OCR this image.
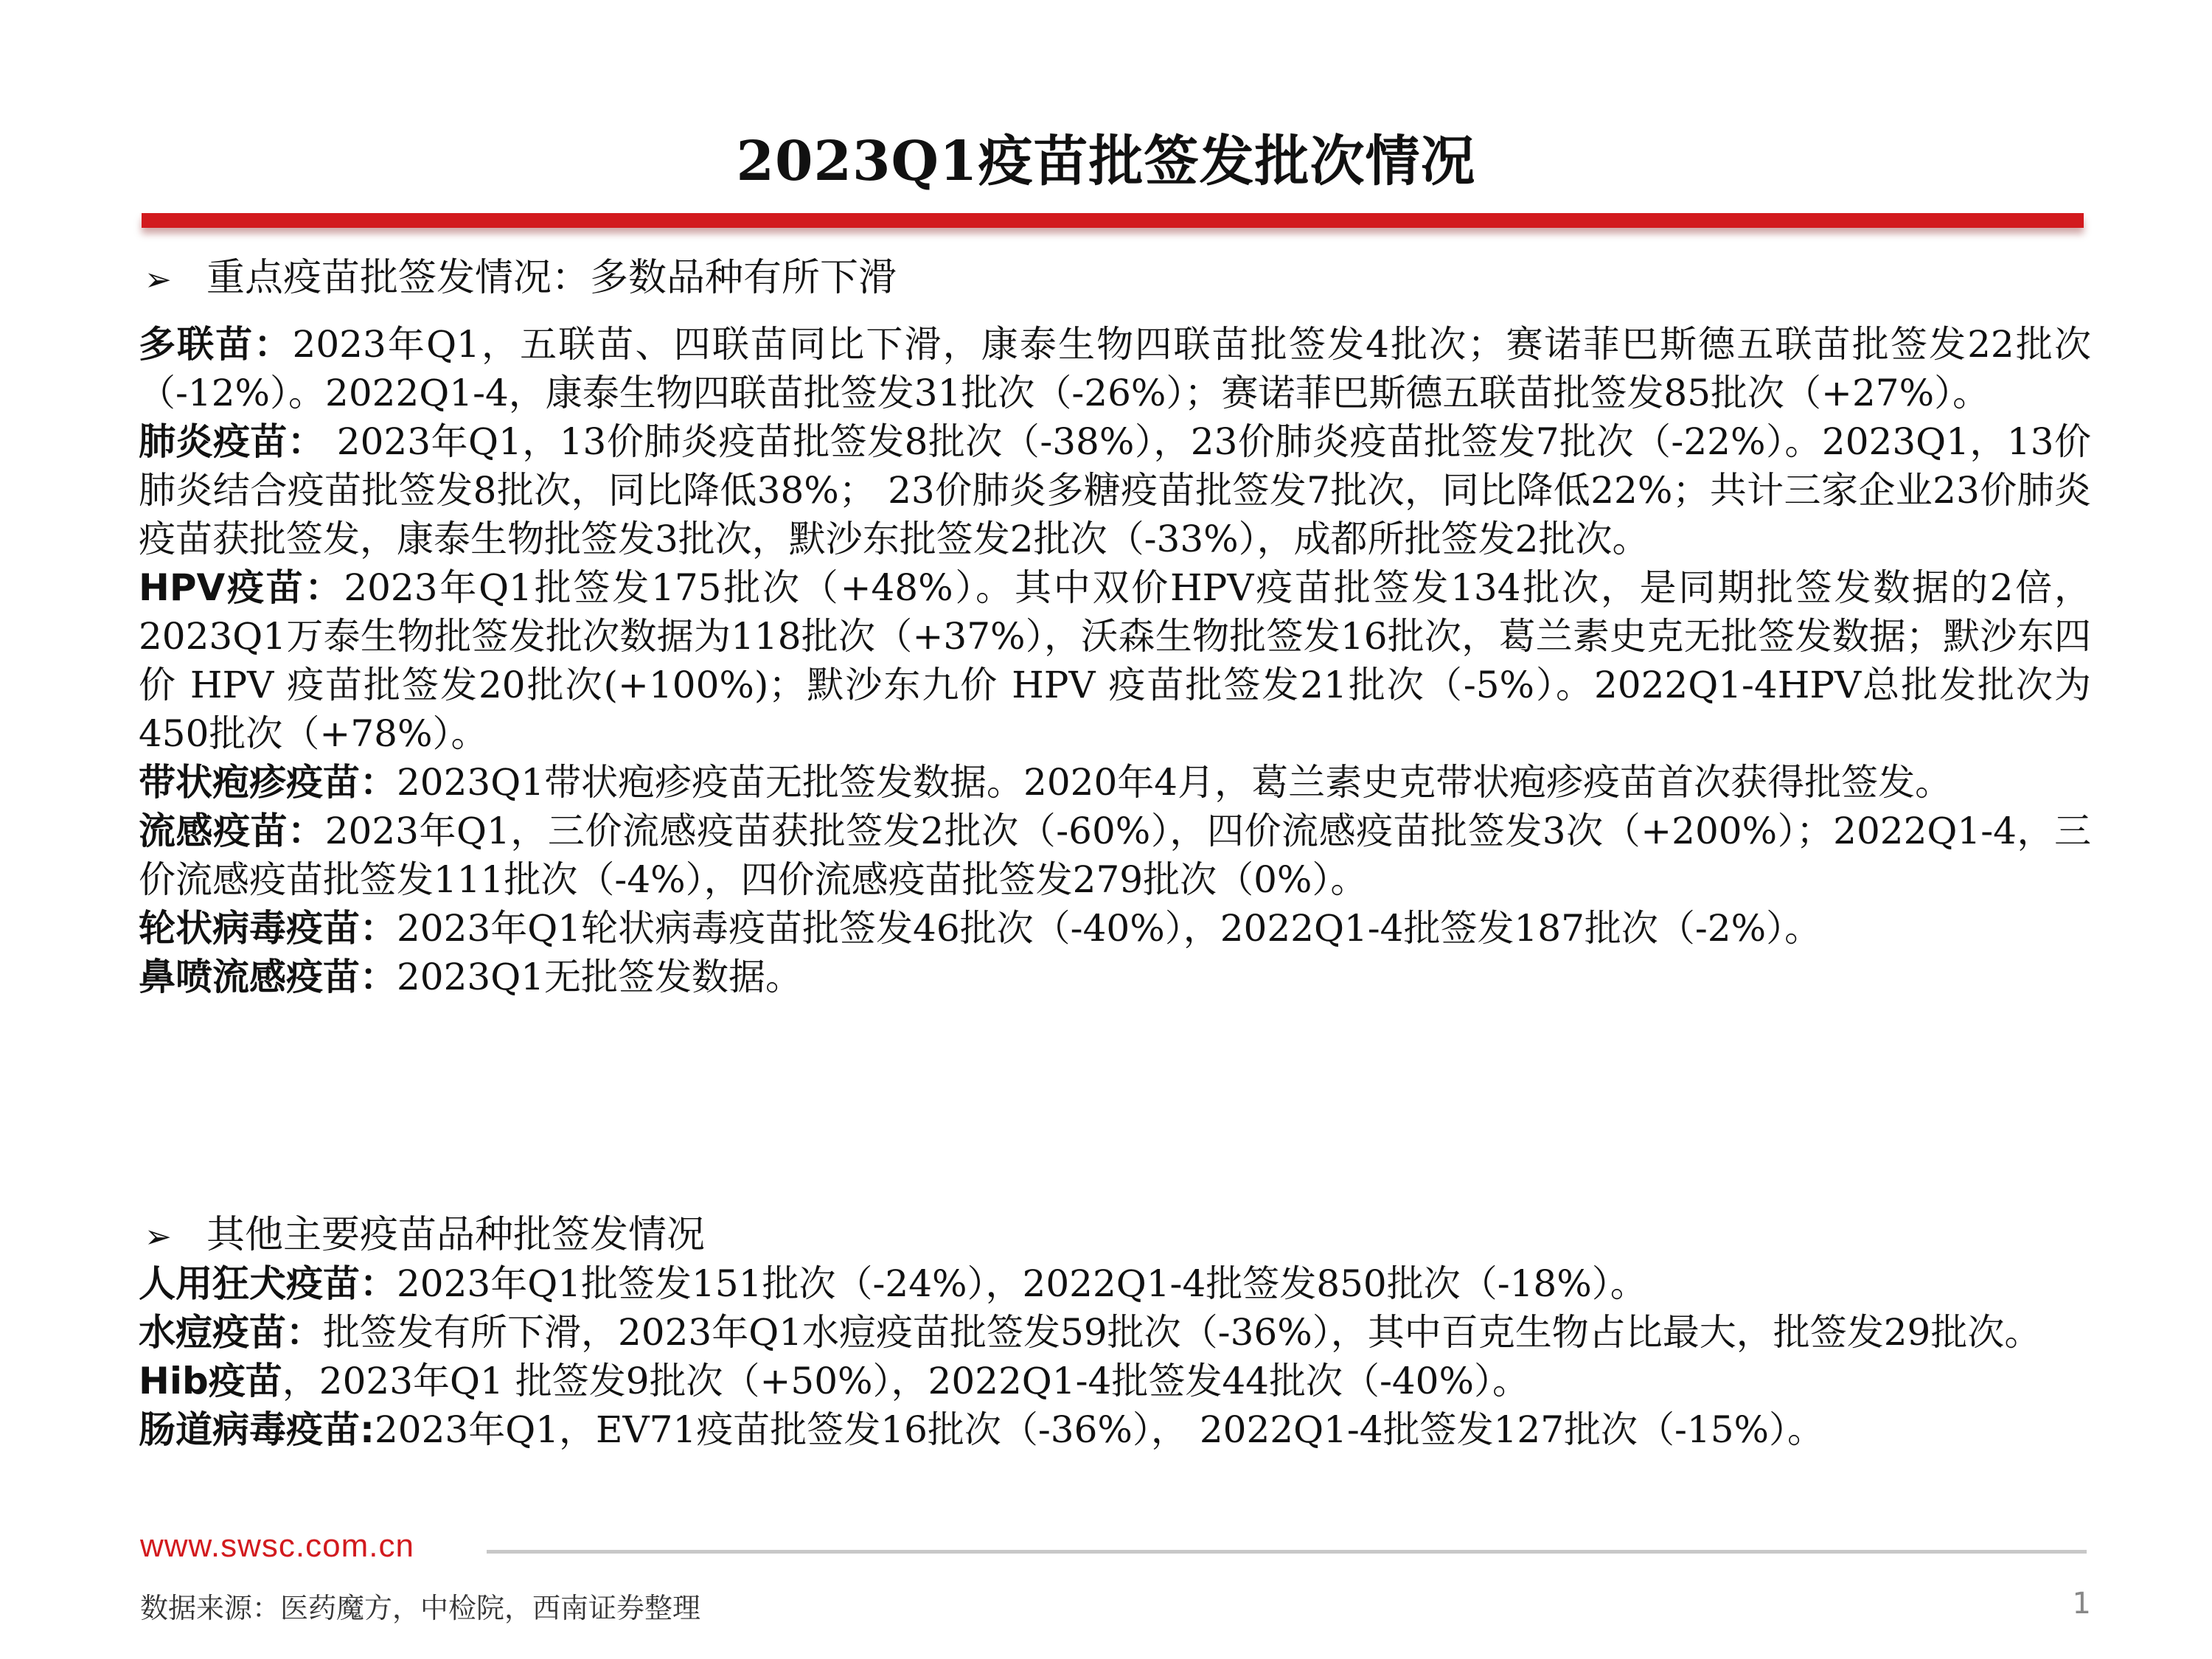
2023Q1疫苗批签发批次情况
➢ 重点疫苗批签发情况：多数品种有所下滑

多联苗：2023年Q1，五联苗、四联苗同比下滑，康泰生物四联苗批签发4批次；赛诺菲巴斯德五联苗批签发22批次（-12%）。2022Q1-4，康泰生物四联苗批签发31批次（-26%）；赛诺菲巴斯德五联苗批签发85批次（+27%）。

肺炎疫苗： 2023年Q1，13价肺炎疫苗批签发8批次（-38%），23价肺炎疫苗批签发7批次（-22%）。2023Q1，13价肺炎结合疫苗批签发8批次，同比降低38%； 23价肺炎多糖疫苗批签发7批次，同比降低22%；共计三家企业23价肺炎疫苗获批签发，康泰生物批签发3批次，默沙东批签发2批次（-33%），成都所批签发2批次。

HPV疫苗：2023年Q1批签发175批次（+48%）。其中双价HPV疫苗批签发134批次，是同期批签发数据的2倍，2023Q1万泰生物批签发批次数据为118批次（+37%），沃森生物批签发16批次，葛兰素史克无批签发数据；默沙东四价 HPV 疫苗批签发20批次(+100%)；默沙东九价 HPV 疫苗批签发21批次（-5%）。2022Q1-4HPV总批发批次为450批次（+78%）。

带状疱疹疫苗：2023Q1带状疱疹疫苗无批签发数据。2020年4月，葛兰素史克带状疱疹疫苗首次获得批签发。

流感疫苗：2023年Q1，三价流感疫苗获批签发2批次（-60%），四价流感疫苗批签发3次（+200%）；2022Q1-4，三价流感疫苗批签发111批次（-4%），四价流感疫苗批签发279批次（0%）。

轮状病毒疫苗：2023年Q1轮状病毒疫苗批签发46批次（-40%），2022Q1-4批签发187批次（-2%）。

鼻喷流感疫苗：2023Q1无批签发数据。

➢ 其他主要疫苗品种批签发情况

人用狂犬疫苗：2023年Q1批签发151批次（-24%），2022Q1-4批签发850批次（-18%）。

水痘疫苗：批签发有所下滑，2023年Q1水痘疫苗批签发59批次（-36%），其中百克生物占比最大，批签发29批次。

Hib疫苗，2023年Q1 批签发9批次（+50%），2022Q1-4批签发44批次（-40%）。

肠道病毒疫苗:2023年Q1，EV71疫苗批签发16批次（-36%）， 2022Q1-4批签发127批次（-15%）。

www.swsc.com.cn
数据来源：医药魔方，中检院，西南证券整理	1
